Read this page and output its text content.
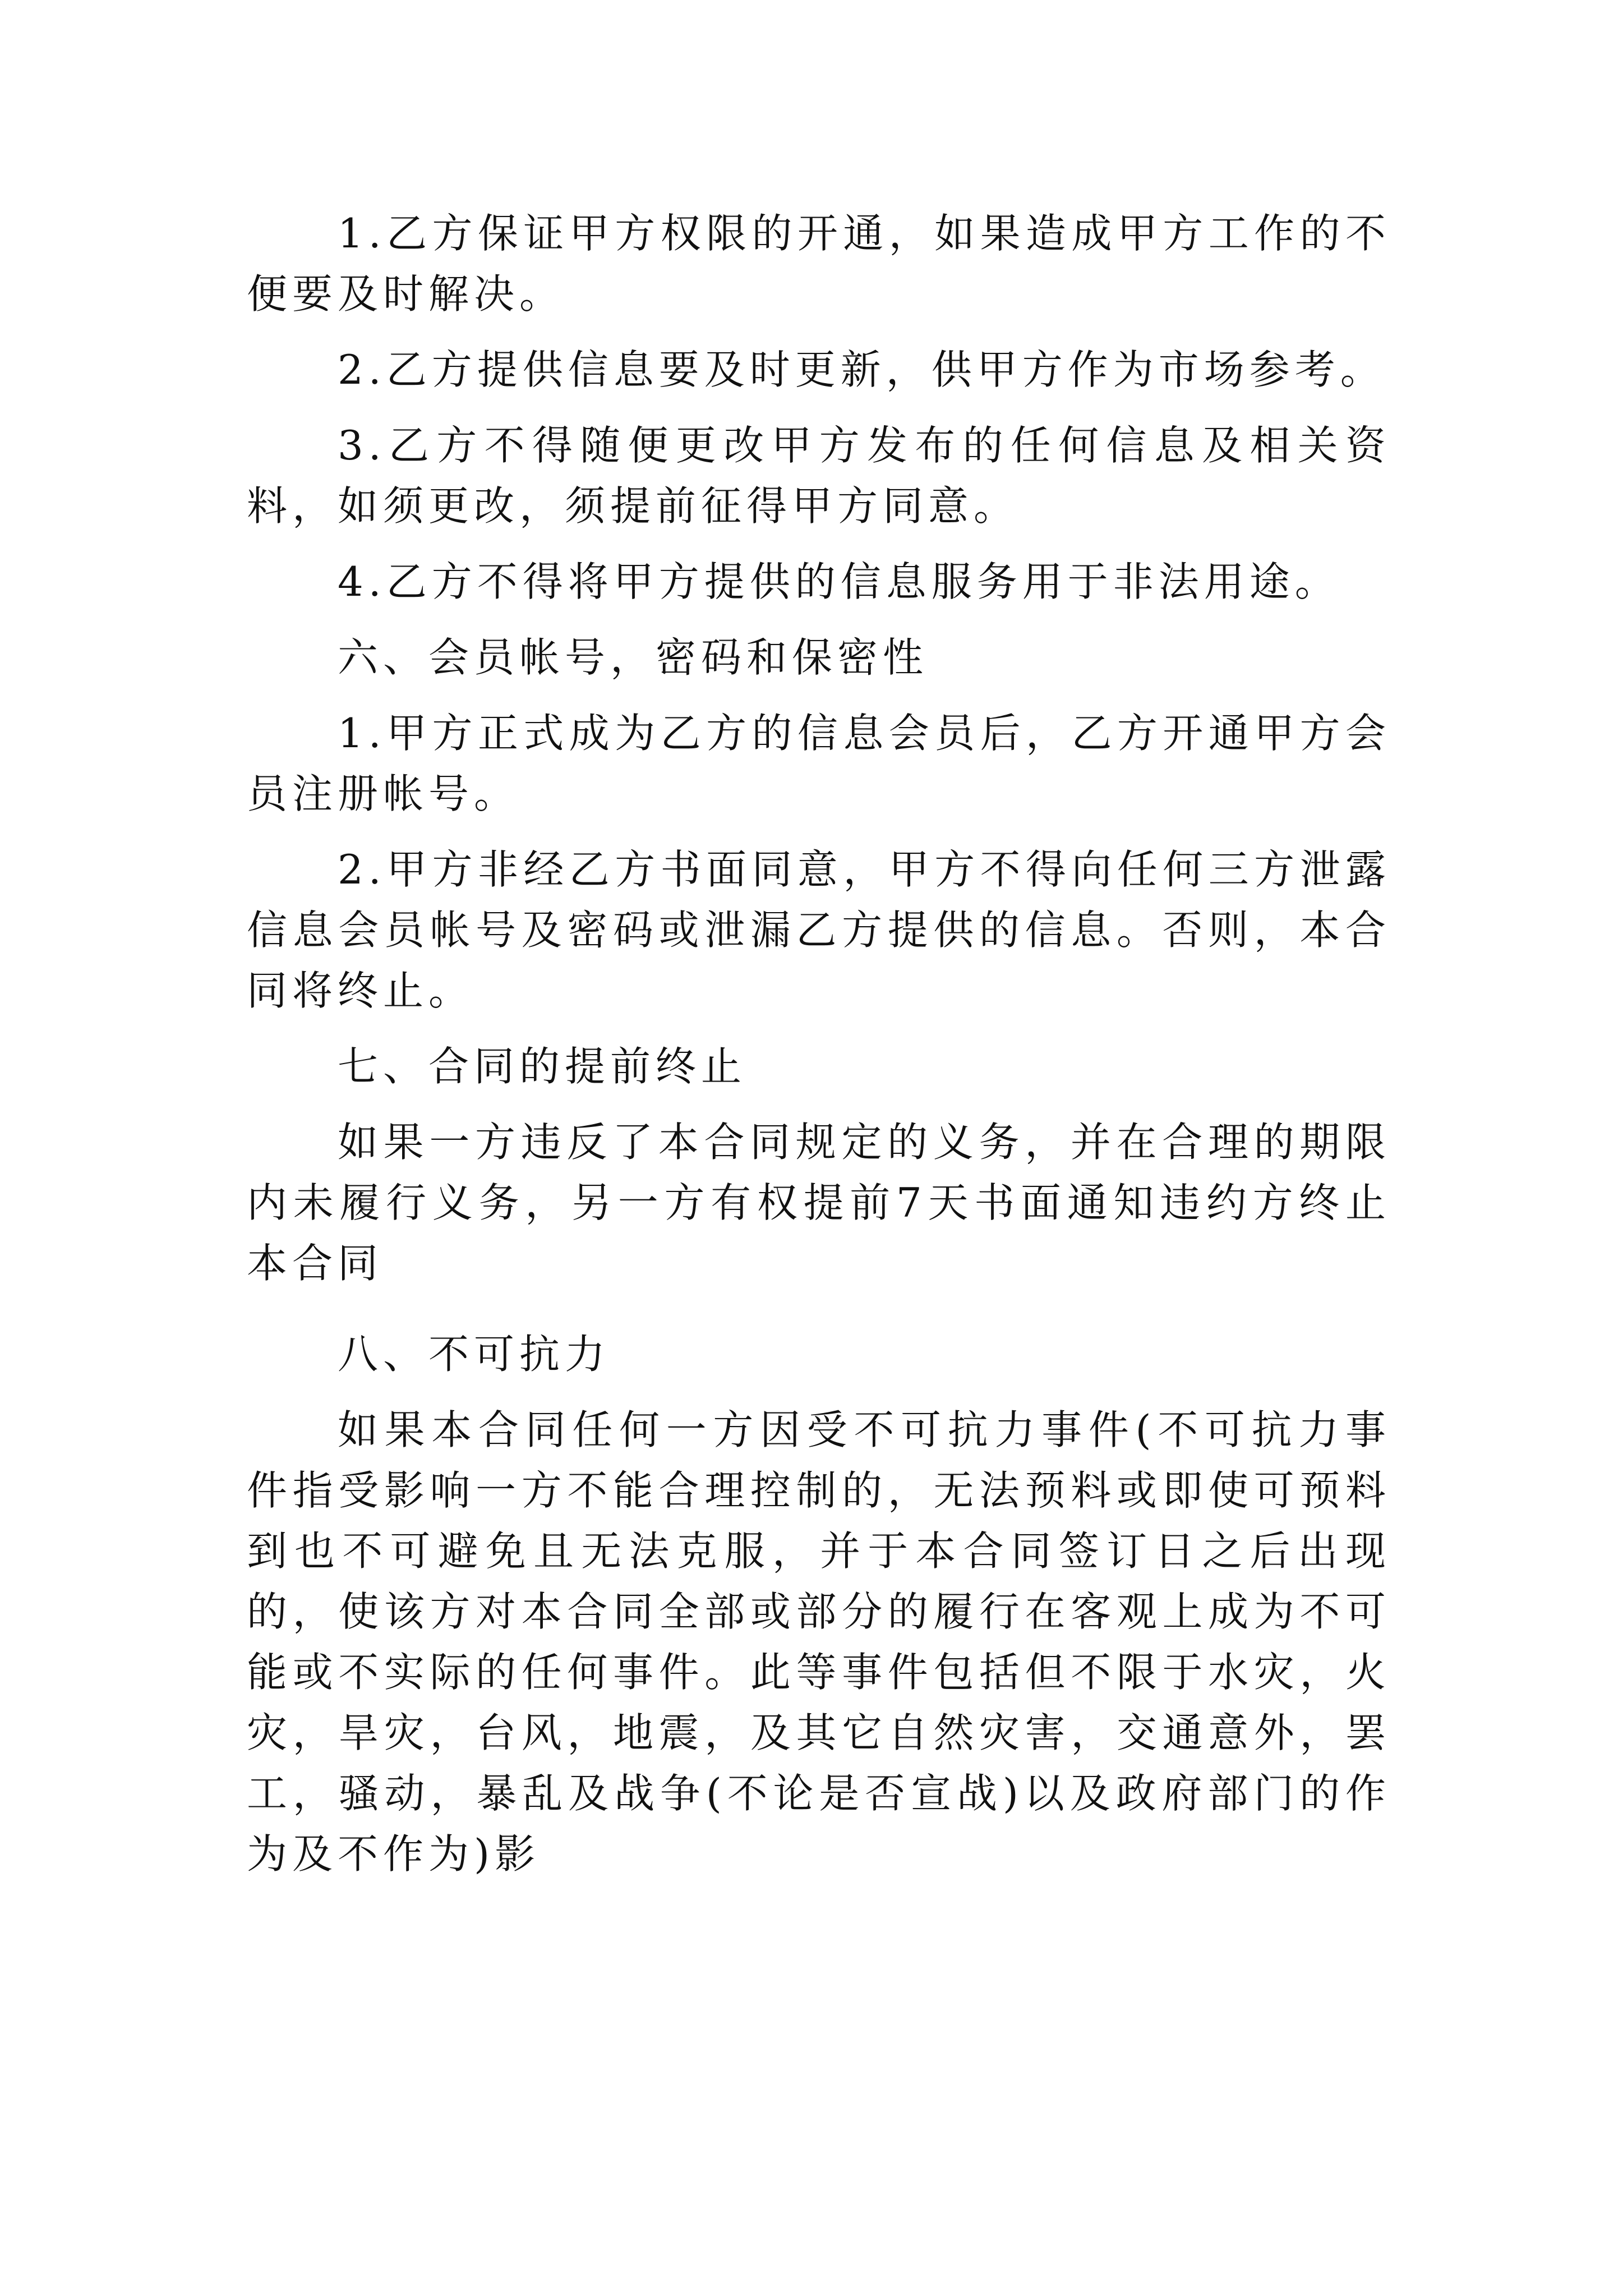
1.乙方保证甲方权限的开通，如果造成甲方工作的不便要及时解决。

2.乙方提供信息要及时更新，供甲方作为市场参考。

3.乙方不得随便更改甲方发布的任何信息及相关资料，如须更改，须提前征得甲方同意。

4.乙方不得将甲方提供的信息服务用于非法用途。

六、会员帐号，密码和保密性

1.甲方正式成为乙方的信息会员后，乙方开通甲方会员注册帐号。

2.甲方非经乙方书面同意，甲方不得向任何三方泄露信息会员帐号及密码或泄漏乙方提供的信息。否则，本合同将终止。

七、合同的提前终止

如果一方违反了本合同规定的义务，并在合理的期限内未履行义务，另一方有权提前7天书面通知违约方终止本合同

八、不可抗力

如果本合同任何一方因受不可抗力事件(不可抗力事件指受影响一方不能合理控制的，无法预料或即使可预料到也不可避免且无法克服，并于本合同签订日之后出现的，使该方对本合同全部或部分的履行在客观上成为不可能或不实际的任何事件。此等事件包括但不限于水灾，火灾，旱灾，台风，地震，及其它自然灾害，交通意外，罢工，骚动，暴乱及战争(不论是否宣战)以及政府部门的作为及不作为)影
